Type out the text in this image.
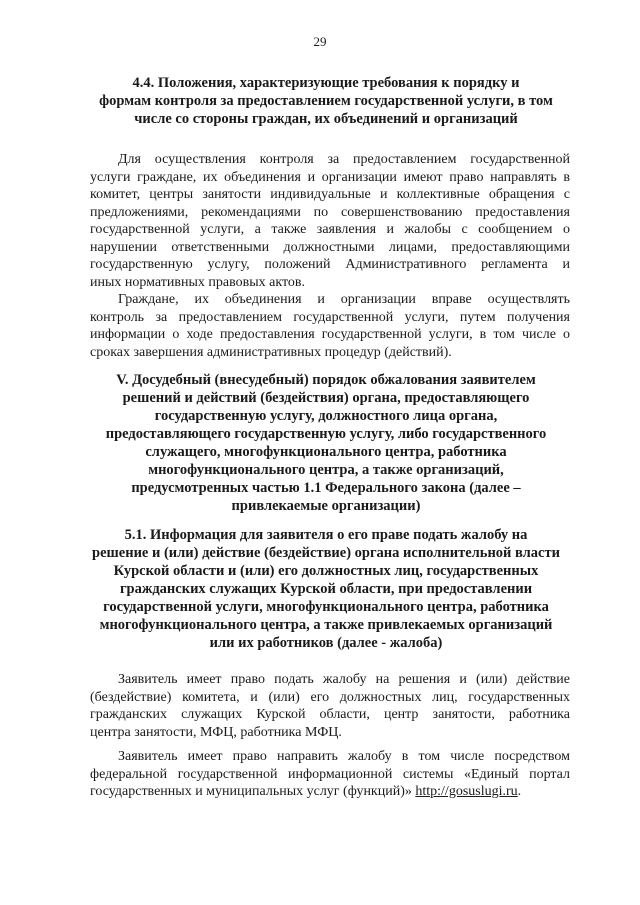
29
4.4. Положения, характеризующие требования к порядку и
формам контроля за предоставлением государственной услуги, в том
числе со стороны граждан, их объединений и организаций
Для осуществления контроля за предоставлением государственной
услуги граждане, их объединения и организации имеют право направлять в
комитет, центры занятости индивидуальные и коллективные обращения с
предложениями, рекомендациями по совершенствованию предоставления
государственной услуги, а также заявления и жалобы с сообщением о
нарушении ответственными должностными лицами, предоставляющими
государственную услугу, положений Административного регламента и
иных нормативных правовых актов.
Граждане, их объединения и организации вправе осуществлять
контроль за предоставлением государственной услуги, путем получения
информации о ходе предоставления государственной услуги, в том числе о
сроках завершения административных процедур (действий).
V. Досудебный (внесудебный) порядок обжалования заявителем
решений и действий (бездействия) органа, предоставляющего
государственную услугу, должностного лица органа,
предоставляющего государственную услугу, либо государственного
служащего, многофункционального центра, работника
многофункционального центра, а также организаций,
предусмотренных частью 1.1 Федерального закона (далее –
привлекаемые организации)
5.1. Информация для заявителя о его праве подать жалобу на
решение и (или) действие (бездействие) органа исполнительной власти
Курской области и (или) его должностных лиц, государственных
гражданских служащих Курской области, при предоставлении
государственной услуги, многофункционального центра, работника
многофункционального центра, а также привлекаемых организаций
или их работников (далее - жалоба)
Заявитель имеет право подать жалобу на решения и (или) действие
(бездействие) комитета, и (или) его должностных лиц, государственных
гражданских служащих Курской области, центр занятости, работника
центра занятости, МФЦ, работника МФЦ.
Заявитель имеет право направить жалобу в том числе посредством
федеральной государственной информационной системы «Единый портал
государственных и муниципальных услуг (функций)» http://gosuslugi.ru.
